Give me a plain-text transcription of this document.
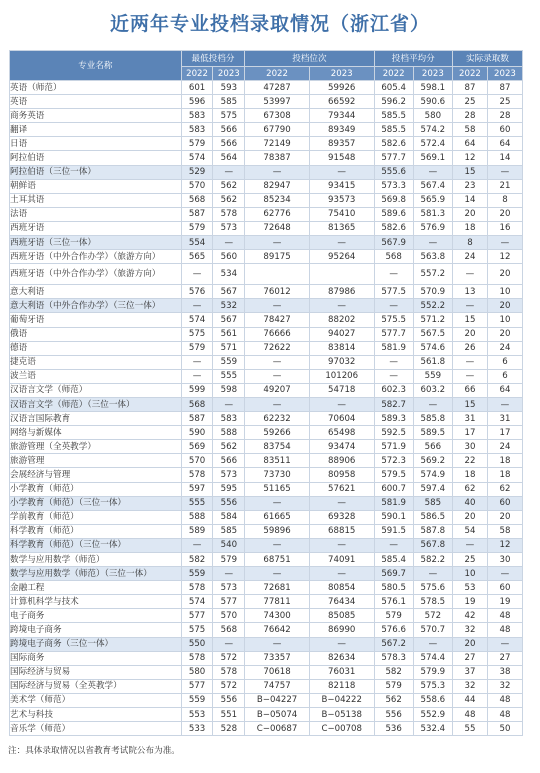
近两年专业投档录取情况（浙江省）
专业名称	最低投档分		投档位次		投档平均分		实际录取数	
	2022	2023	2022	2023	2022	2023	2022	2023
英语（师范）	601	593	47287	59926	605.4	598.1	87	87
英语	596	585	53997	66592	596.2	590.6	25	25
商务英语	583	575	67308	79344	585.5	580	28	28
翻译	583	566	67790	89349	585.5	574.2	58	60
日语	579	566	72149	89357	582.6	572.4	64	64
阿拉伯语	574	564	78387	91548	577.7	569.1	12	14
阿拉伯语（三位一体）	529	—	—	—	555.6	—	15	—
朝鲜语	570	562	82947	93415	573.3	567.4	23	21
土耳其语	568	562	85234	93573	569.8	565.9	14	8
法语	587	578	62776	75410	589.6	581.3	20	20
西班牙语	579	573	72648	81365	582.6	576.9	18	16
西班牙语（三位一体）	554	—	—	—	567.9	—	8	—
西班牙语（中外合作办学）（旅游方向）	565	560	89175	95264	568	563.8	24	12
西班牙语（中外合作办学）（旅游方向）	—	534			—	557.2	—	20
意大利语	576	567	76012	87986	577.5	570.9	13	10
意大利语（中外合作办学）（三位一体）	—	532	—	—	—	552.2	—	20
葡萄牙语	574	567	78427	88202	575.5	571.2	15	10
俄语	575	561	76666	94027	577.7	567.5	20	20
德语	579	571	72622	83814	581.9	574.6	26	24
捷克语	—	559	—	97032	—	561.8	—	6
波兰语	—	555	—	101206	—	559	—	6
汉语言文学（师范）	599	598	49207	54718	602.3	603.2	66	64
汉语言文学（师范）（三位一体）	568	—	—	—	582.7	—	15	—
汉语言国际教育	587	583	62232	70604	589.3	585.8	31	31
网络与新媒体	590	588	59266	65498	592.5	589.5	17	17
旅游管理（全英教学）	569	562	83754	93474	571.9	566	30	24
旅游管理	570	566	83511	88906	572.3	569.2	22	18
会展经济与管理	578	573	73730	80958	579.5	574.9	18	18
小学教育（师范）	597	595	51165	57621	600.7	597.4	62	62
小学教育（师范）（三位一体）	555	556	—	—	581.9	585	40	60
学前教育（师范）	588	584	61665	69328	590.1	586.5	20	20
科学教育（师范）	589	585	59896	68815	591.5	587.8	54	58
科学教育（师范）（三位一体）	—	540	—	—	—	567.8	—	12
数学与应用数学（师范）	582	579	68751	74091	585.4	582.2	25	30
数学与应用数学（师范）（三位一体）	559	—	—	—	569.7	—	10	—
金融工程	578	573	72681	80854	580.5	575.6	53	60
计算机科学与技术	574	577	77811	76434	576.1	578.5	19	19
电子商务	577	570	74300	85085	579	572	42	48
跨境电子商务	575	568	76642	86990	576.6	570.7	32	48
跨境电子商务（三位一体）	550	—	—	—	567.2	—	20	—
国际商务	578	572	73357	82634	578.3	574.4	27	27
国际经济与贸易	580	578	70618	76031	582	579.9	37	38
国际经济与贸易（全英教学）	577	572	74757	82118	579	575.3	32	32
美术学（师范）	559	556	B−04227	B−04222	562	558.6	44	48
艺术与科技	553	551	B−05074	B−05138	556	552.9	48	48
音乐学（师范）	533	528	C−00687	C−00708	536	532.4	55	50
注：具体录取情况以省教育考试院公布为准。
